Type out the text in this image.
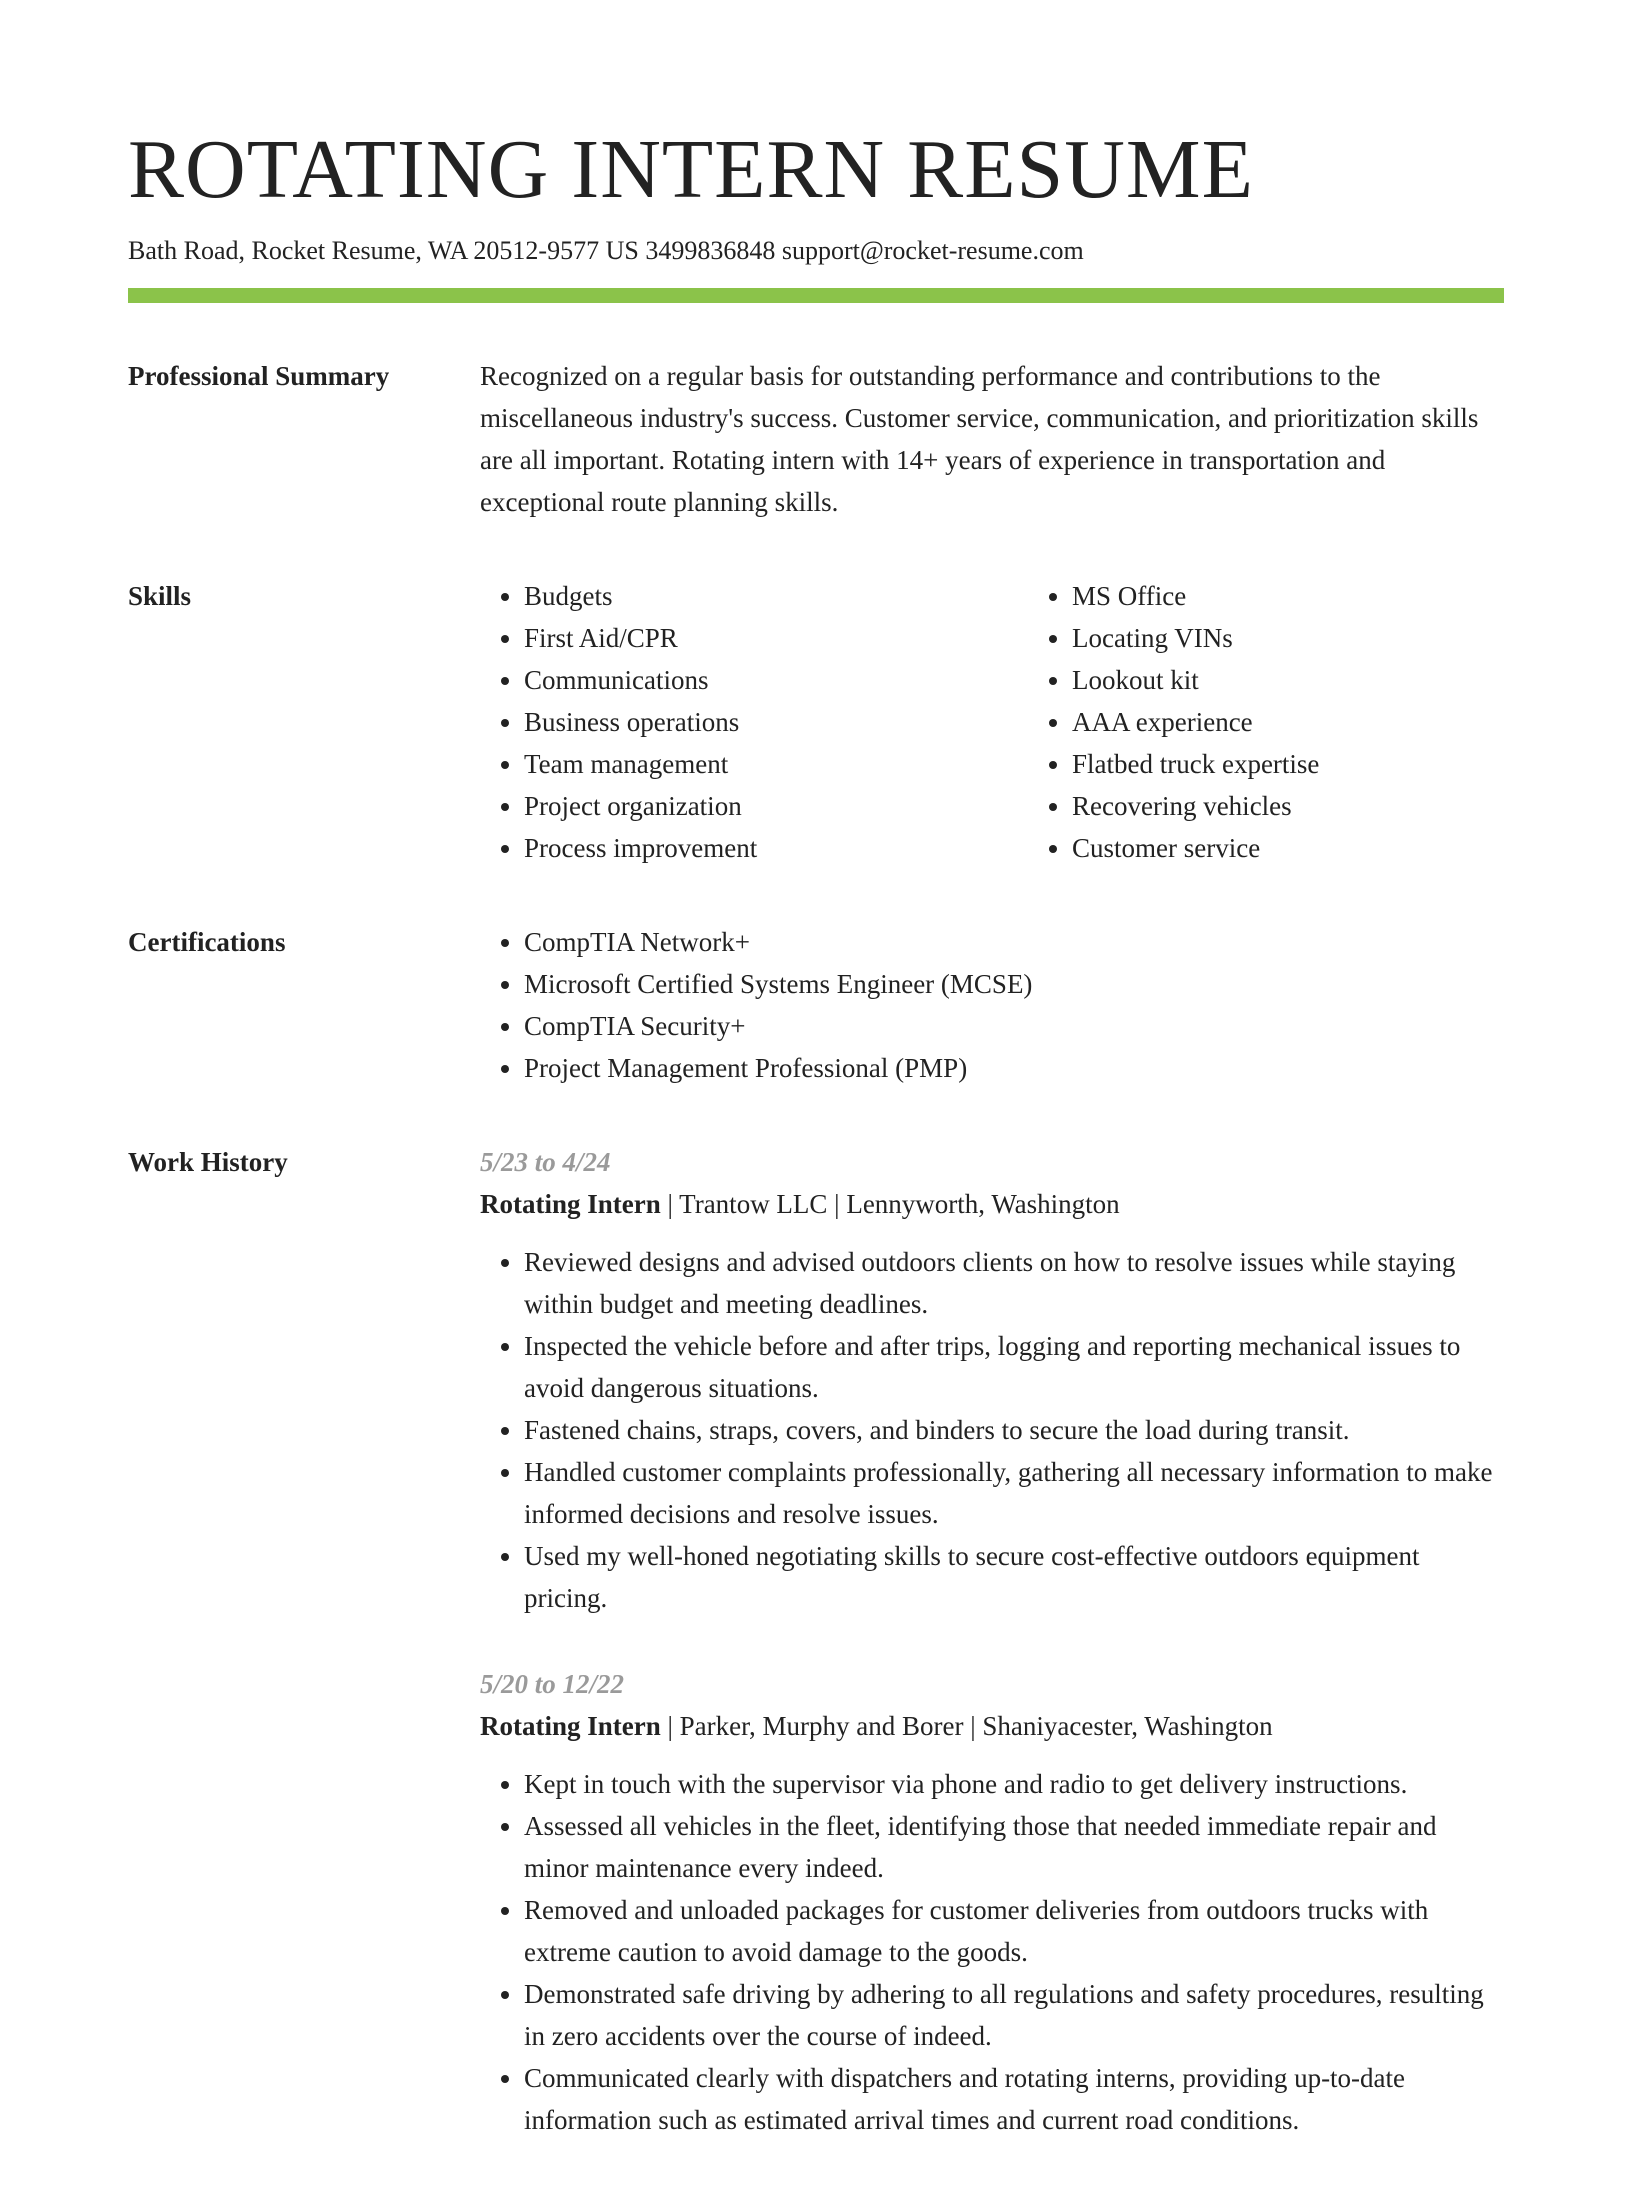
ROTATING INTERN RESUME
Bath Road, Rocket Resume, WA 20512-9577 US 3499836848 support@rocket-resume.com
Professional Summary	Recognized on a regular basis for outstanding performance and contributions to the miscellaneous industry's success. Customer service, communication, and prioritization skills are all important. Rotating intern with 14+ years of experience in transportation and exceptional route planning skills.

Skills	• Budgets
• First Aid/CPR
• Communications
• Business operations
• Team management
• Project organization
• Process improvement
• MS Office
• Locating VINs
• Lookout kit
• AAA experience
• Flatbed truck expertise
• Recovering vehicles
• Customer service
Certifications	• CompTIA Network+
• Microsoft Certified Systems Engineer (MCSE)
• CompTIA Security+
• Project Management Professional (PMP)
Work History	5/23 to 4/24
Rotating Intern | Trantow LLC | Lennyworth, Washington
• Reviewed designs and advised outdoors clients on how to resolve issues while staying within budget and meeting deadlines.
• Inspected the vehicle before and after trips, logging and reporting mechanical issues to avoid dangerous situations.
• Fastened chains, straps, covers, and binders to secure the load during transit.
• Handled customer complaints professionally, gathering all necessary information to make informed decisions and resolve issues.
• Used my well-honed negotiating skills to secure cost-effective outdoors equipment pricing.
5/20 to 12/22
Rotating Intern | Parker, Murphy and Borer | Shaniyacester, Washington
• Kept in touch with the supervisor via phone and radio to get delivery instructions.
• Assessed all vehicles in the fleet, identifying those that needed immediate repair and minor maintenance every indeed.
• Removed and unloaded packages for customer deliveries from outdoors trucks with extreme caution to avoid damage to the goods.
• Demonstrated safe driving by adhering to all regulations and safety procedures, resulting in zero accidents over the course of indeed.
• Communicated clearly with dispatchers and rotating interns, providing up-to-date information such as estimated arrival times and current road conditions.
